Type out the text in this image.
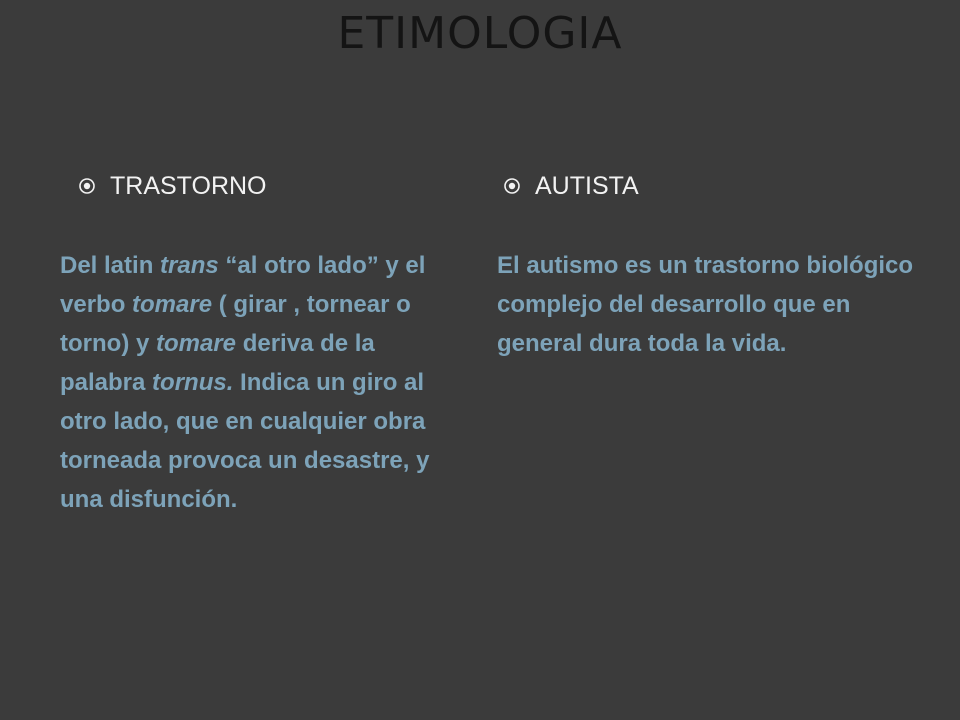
ETIMOLOGIA
TRASTORNO
Del latin trans “al otro lado” y el verbo tomare ( girar , tornear o torno) y tomare deriva de la palabra tornus. Indica un giro al otro lado, que en cualquier obra torneada provoca un desastre, y una disfunción.
AUTISTA
El autismo es un trastorno biológico complejo del desarrollo que en general dura toda la vida.
